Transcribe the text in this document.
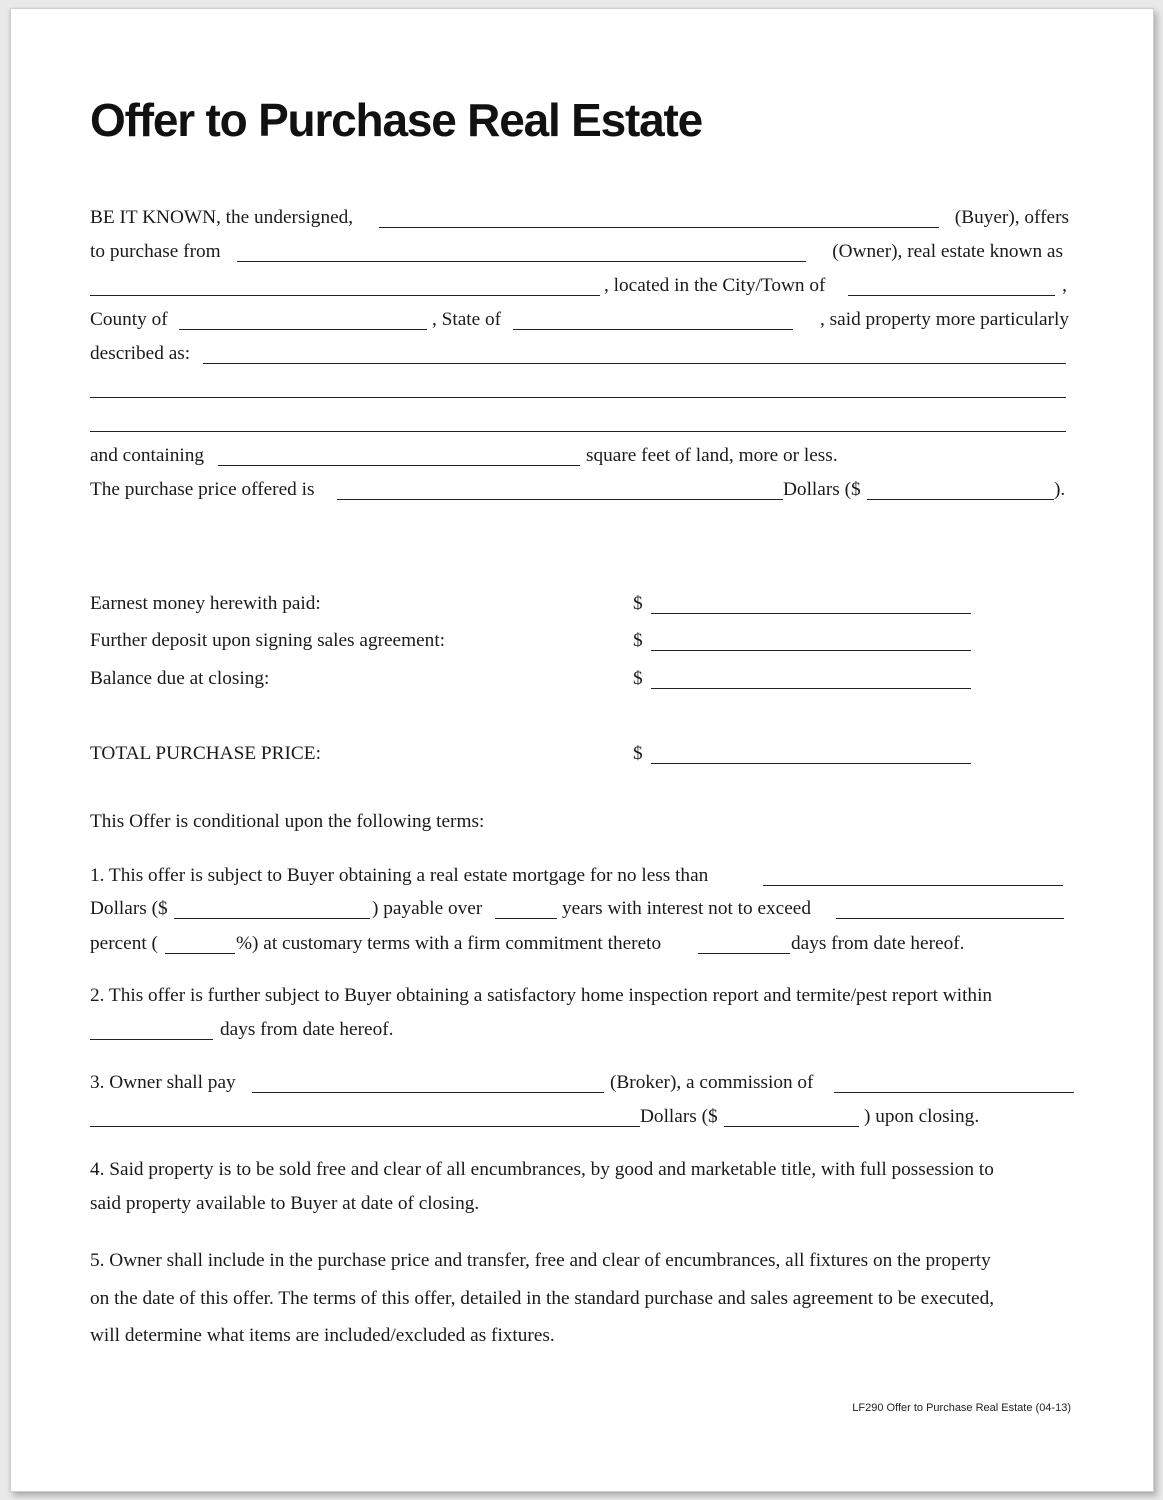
Offer to Purchase Real Estate
BE IT KNOWN, the undersigned,	(Buyer), offers
to purchase from	(Owner), real estate known as
, located in the City/Town of	,
County of	, State of	, said property more particularly
described as:
and containing	square feet of land, more or less.
The purchase price offered is	Dollars ($	).
Earnest money herewith paid:	$
Further deposit upon signing sales agreement:	$
Balance due at closing:	$
TOTAL PURCHASE PRICE:	$
This Offer is conditional upon the following terms:
1. This offer is subject to Buyer obtaining a real estate mortgage for no less than
Dollars ($	) payable over	years with interest not to exceed
percent (	%) at customary terms with a firm commitment thereto	days from date hereof.
2. This offer is further subject to Buyer obtaining a satisfactory home inspection report and termite/pest report within
days from date hereof.
3. Owner shall pay	(Broker), a commission of
Dollars ($	) upon closing.
4. Said property is to be sold free and clear of all encumbrances, by good and marketable title, with full possession to
said property available to Buyer at date of closing.
5. Owner shall include in the purchase price and transfer, free and clear of encumbrances, all fixtures on the property
on the date of this offer. The terms of this offer, detailed in the standard purchase and sales agreement to be executed,
will determine what items are included/excluded as fixtures.
LF290 Offer to Purchase Real Estate (04-13)
